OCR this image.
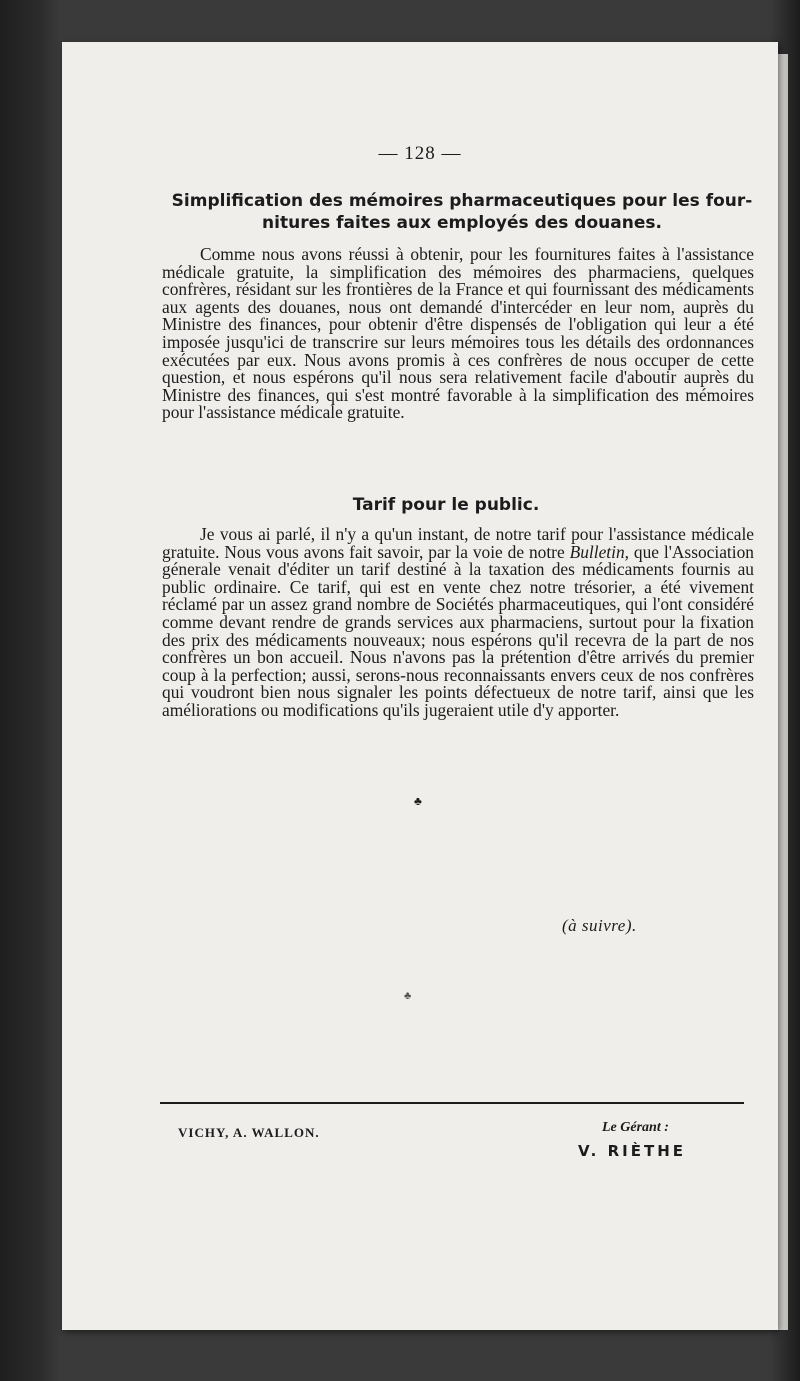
— 128 —
Simplification des mémoires pharmaceutiques pour les four-
nitures faites aux employés des douanes.

Comme nous avons réussi à obtenir, pour les fournitures faites à l'assistance médicale gratuite, la simplification des mémoires des pharmaciens, quelques confrères, résidant sur les frontières de la France et qui fournissant des médicaments aux agents des douanes, nous ont demandé d'intercéder en leur nom, auprès du Ministre des finances, pour obtenir d'être dispensés de l'obligation qui leur a été imposée jusqu'ici de transcrire sur leurs mémoires tous les détails des ordonnances exécutées par eux. Nous avons promis à ces confrères de nous occuper de cette question, et nous espérons qu'il nous sera relativement facile d'aboutir auprès du Ministre des finances, qui s'est montré favorable à la simplification des mémoires pour l'assistance médicale gratuite.

Tarif pour le public.

Je vous ai parlé, il n'y a qu'un instant, de notre tarif pour l'assistance médicale gratuite. Nous vous avons fait savoir, par la voie de notre Bulletin, que l'Association génerale venait d'éditer un tarif destiné à la taxation des médicaments fournis au public ordinaire. Ce tarif, qui est en vente chez notre trésorier, a été vivement réclamé par un assez grand nombre de Sociétés pharmaceutiques, qui l'ont considéré comme devant rendre de grands services aux pharmaciens, surtout pour la fixation des prix des médicaments nouveaux; nous espérons qu'il recevra de la part de nos confrères un bon accueil. Nous n'avons pas la prétention d'être arrivés du premier coup à la perfection; aussi, serons-nous reconnaissants envers ceux de nos confrères qui voudront bien nous signaler les points défectueux de notre tarif, ainsi que les améliorations ou modifications qu'ils jugeraient utile d'y apporter.

♣
(à suivre).
♣
VICHY, A. WALLON.	Le Gérant :
V. RIÈTHE
